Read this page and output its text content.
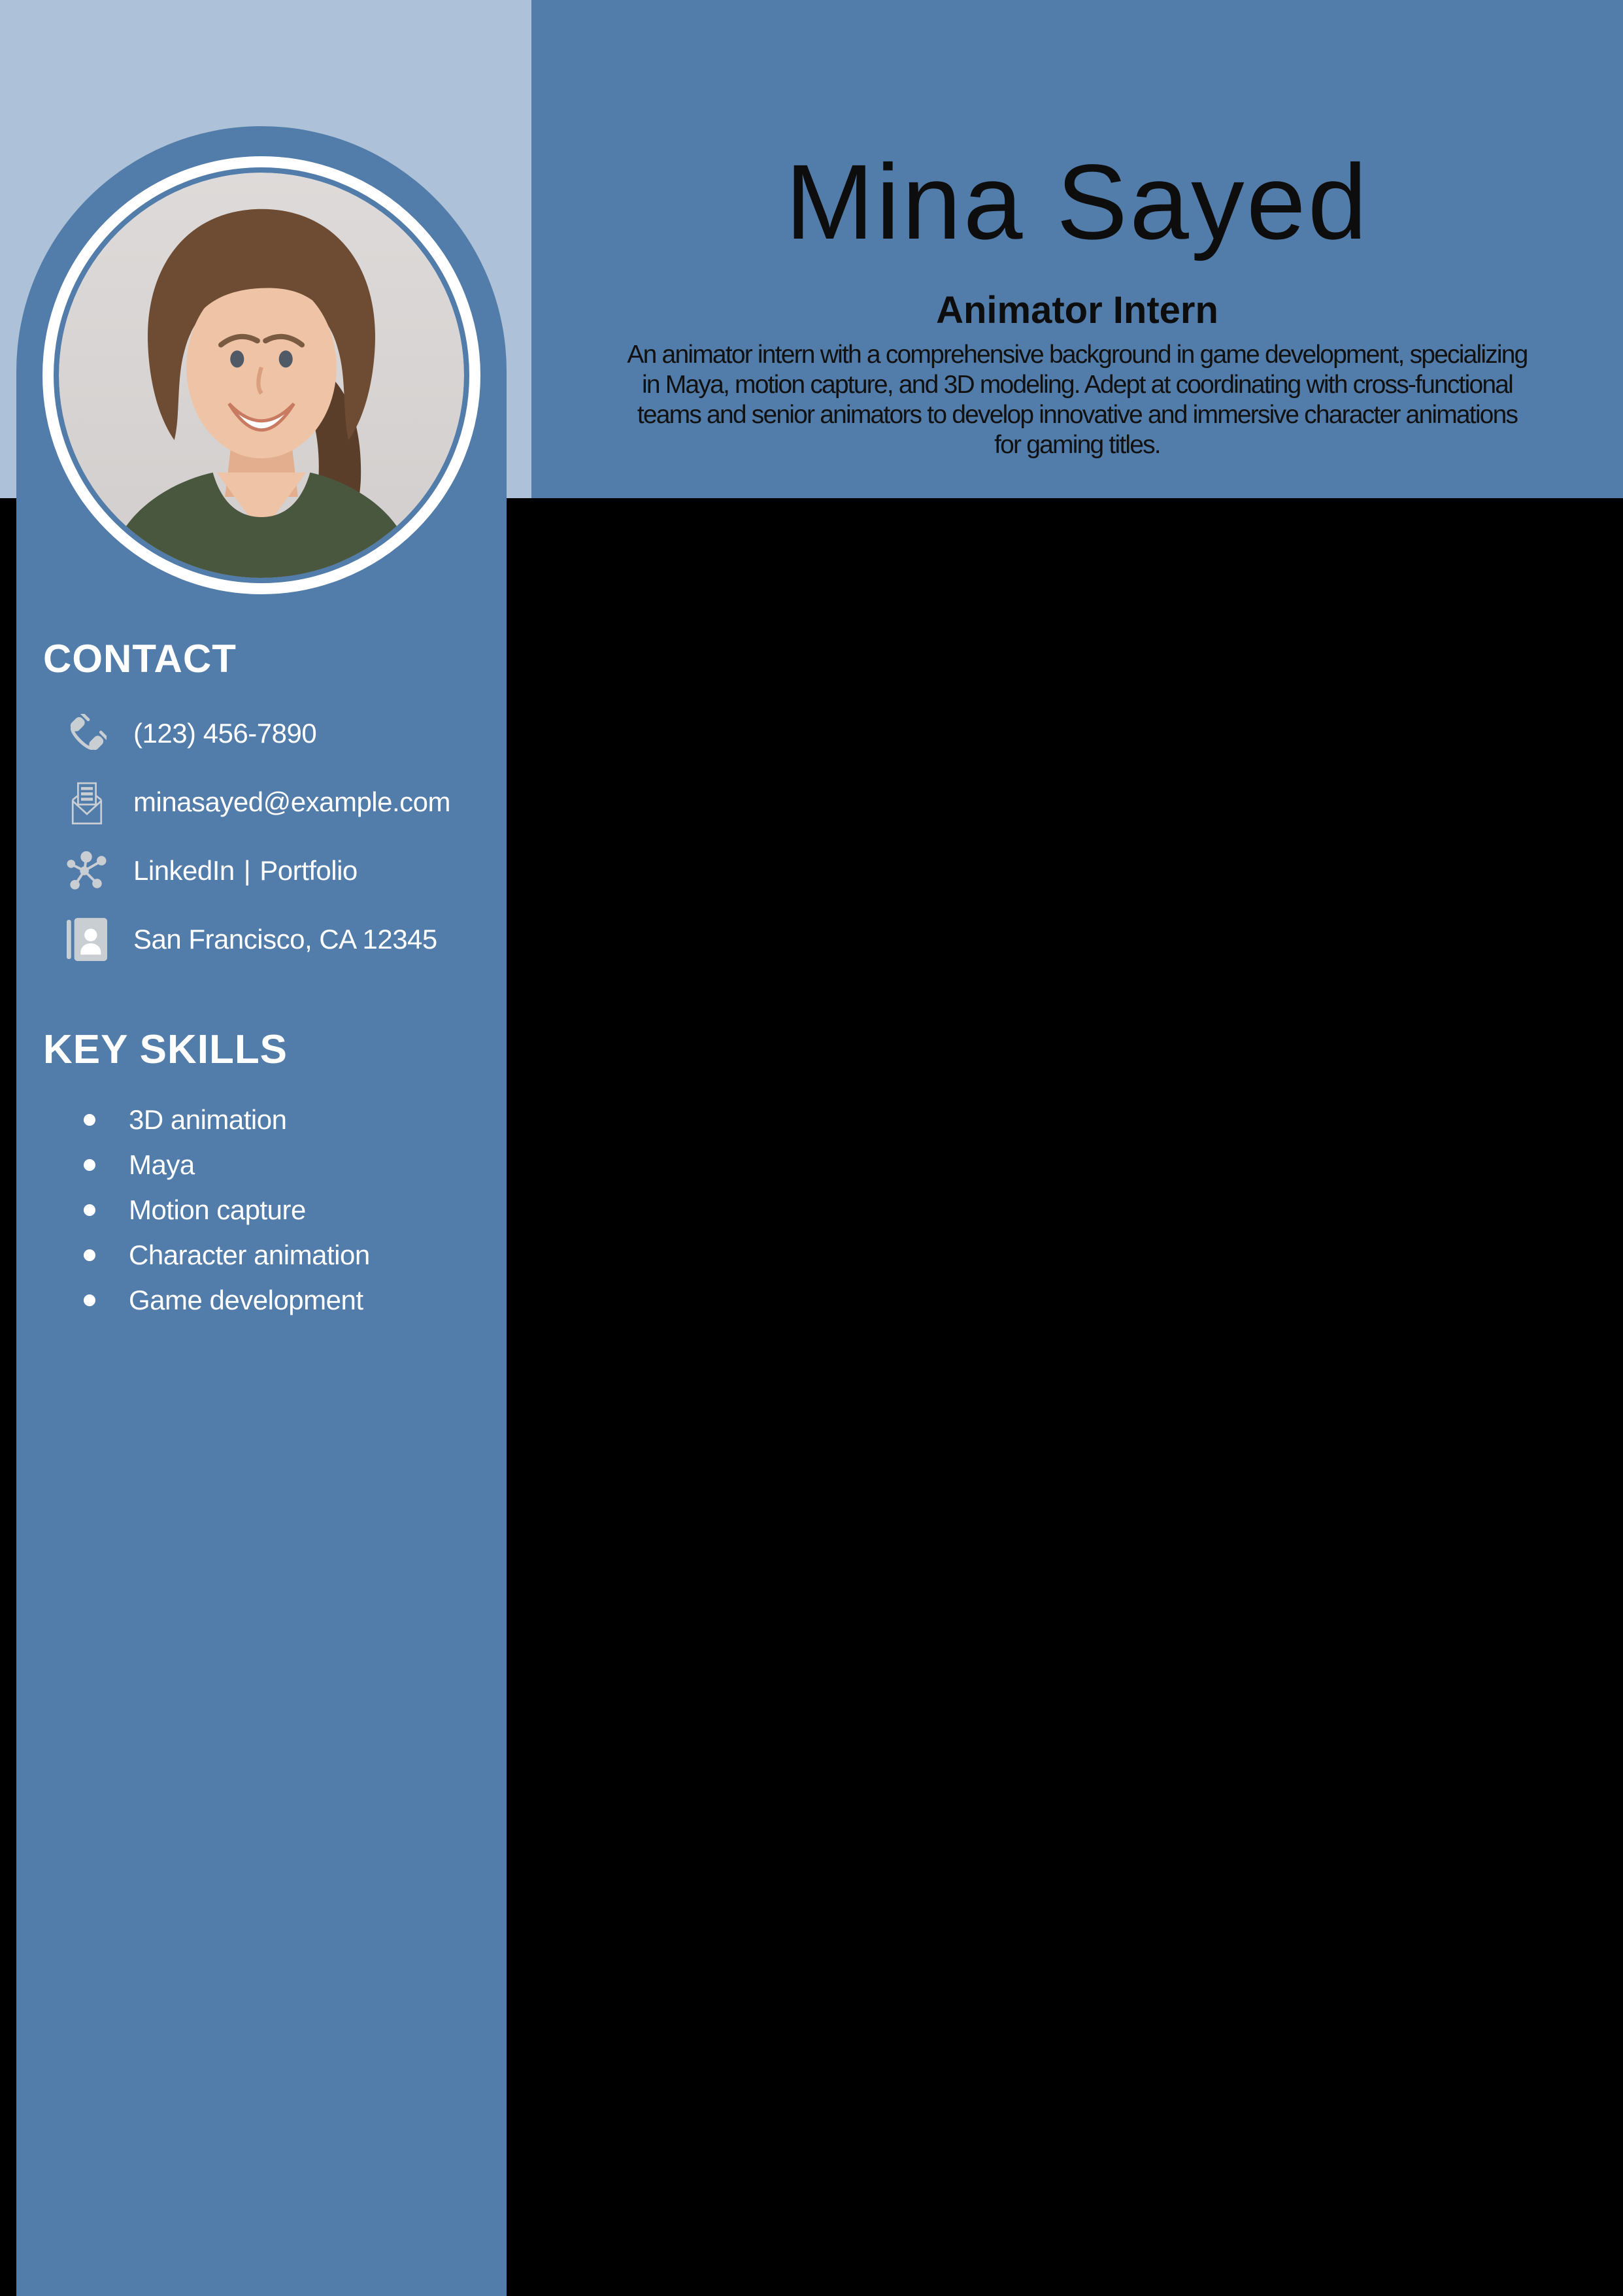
Mina Sayed
Animator Intern
An animator intern with a comprehensive background in game development, specializing
in Maya, motion capture, and 3D modeling. Adept at coordinating with cross-functional
teams and senior animators to develop innovative and immersive character animations
for gaming titles.
CONTACT
(123) 456-7890
minasayed@example.com
LinkedIn | Portfolio
San Francisco, CA 12345
KEY SKILLS
3D animation
Maya
Motion capture
Character animation
Game development
